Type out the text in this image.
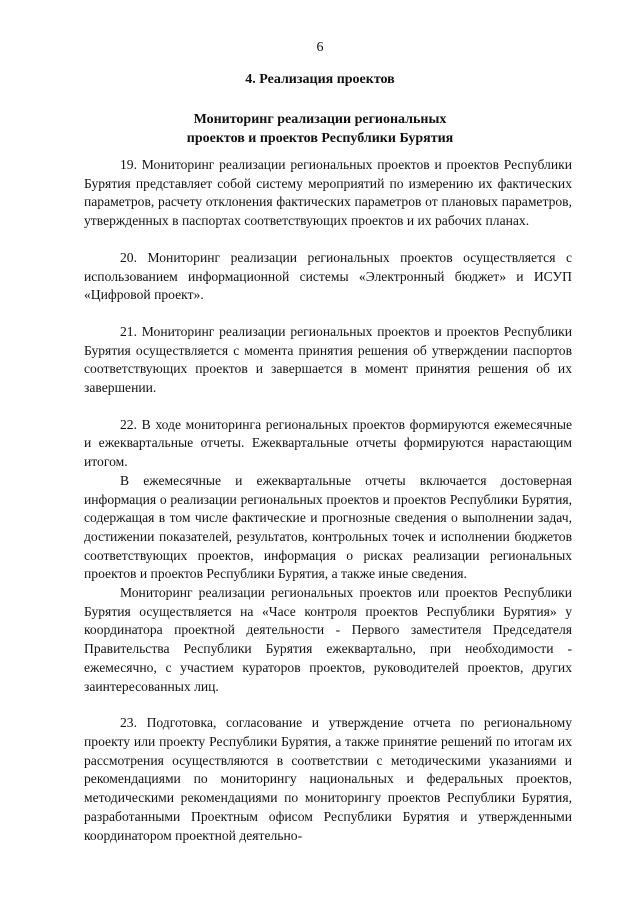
6
4. Реализация проектов
Мониторинг реализации региональных
проектов и проектов Республики Бурятия

19. Мониторинг реализации региональных проектов и проектов Республики Бурятия представляет собой систему мероприятий по измерению их фактических параметров, расчету отклонения фактических параметров от плановых параметров, утвержденных в паспортах соответствующих проектов и их рабочих планах.

20. Мониторинг реализации региональных проектов осуществляется с использованием информационной системы «Электронный бюджет» и ИСУП «Цифровой проект».

21. Мониторинг реализации региональных проектов и проектов Республики Бурятия осуществляется с момента принятия решения об утверждении паспортов соответствующих проектов и завершается в момент принятия решения об их завершении.

22. В ходе мониторинга региональных проектов формируются ежемесячные и ежеквартальные отчеты. Ежеквартальные отчеты формируются нарастающим итогом.

В ежемесячные и ежеквартальные отчеты включается достоверная информация о реализации региональных проектов и проектов Республики Бурятия, содержащая в том числе фактические и прогнозные сведения о выполнении задач, достижении показателей, результатов, контрольных точек и исполнении бюджетов соответствующих проектов, информация о рисках реализации региональных проектов и проектов Республики Бурятия, а также иные сведения.

Мониторинг реализации региональных проектов или проектов Республики Бурятия осуществляется на «Часе контроля проектов Республики Бурятия» у координатора проектной деятельности - Первого заместителя Председателя Правительства Республики Бурятия ежеквартально, при необходимости - ежемесячно, с участием кураторов проектов, руководителей проектов, других заинтересованных лиц.

23. Подготовка, согласование и утверждение отчета по региональному проекту или проекту Республики Бурятия, а также принятие решений по итогам их рассмотрения осуществляются в соответствии с методическими указаниями и рекомендациями по мониторингу национальных и федеральных проектов, методическими рекомендациями по мониторингу проектов Республики Бурятия, разработанными Проектным офисом Республики Бурятия и утвержденными координатором проектной деятельно-
